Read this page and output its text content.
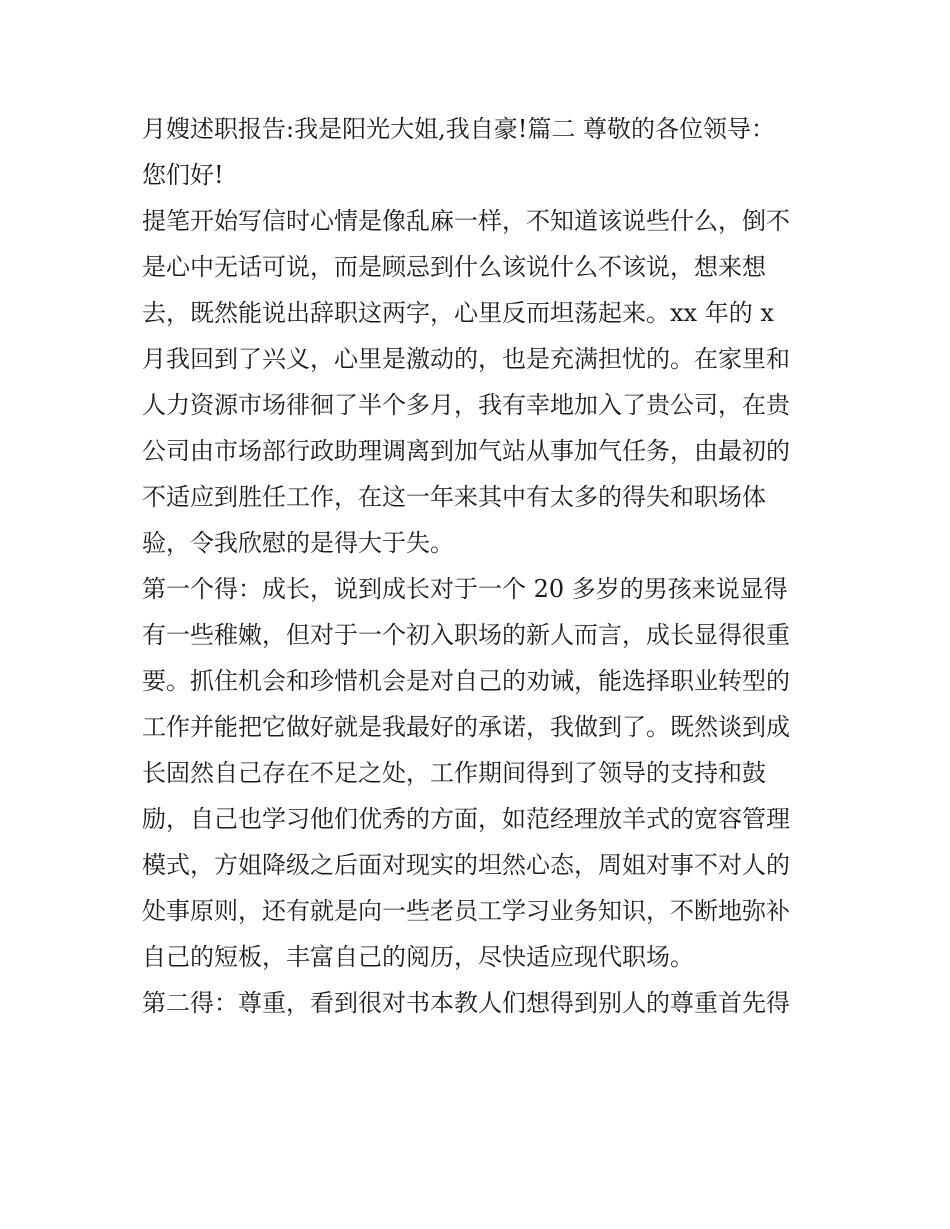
月嫂述职报告:我是阳光大姐,我自豪!篇二 尊敬的各位领导：

您们好!

提笔开始写信时心情是像乱麻一样，不知道该说些什么，倒不

是心中无话可说，而是顾忌到什么该说什么不该说，想来想

去，既然能说出辞职这两字，心里反而坦荡起来。xx 年的 x

月我回到了兴义，心里是激动的，也是充满担忧的。在家里和

人力资源市场徘徊了半个多月，我有幸地加入了贵公司，在贵

公司由市场部行政助理调离到加气站从事加气任务，由最初的

不适应到胜任工作，在这一年来其中有太多的得失和职场体

验，令我欣慰的是得大于失。

第一个得：成长，说到成长对于一个 20 多岁的男孩来说显得

有一些稚嫩，但对于一个初入职场的新人而言，成长显得很重

要。抓住机会和珍惜机会是对自己的劝诫，能选择职业转型的

工作并能把它做好就是我最好的承诺，我做到了。既然谈到成

长固然自己存在不足之处，工作期间得到了领导的支持和鼓

励，自己也学习他们优秀的方面，如范经理放羊式的宽容管理

模式，方姐降级之后面对现实的坦然心态，周姐对事不对人的

处事原则，还有就是向一些老员工学习业务知识，不断地弥补

自己的短板，丰富自己的阅历，尽快适应现代职场。

第二得：尊重，看到很对书本教人们想得到别人的尊重首先得
